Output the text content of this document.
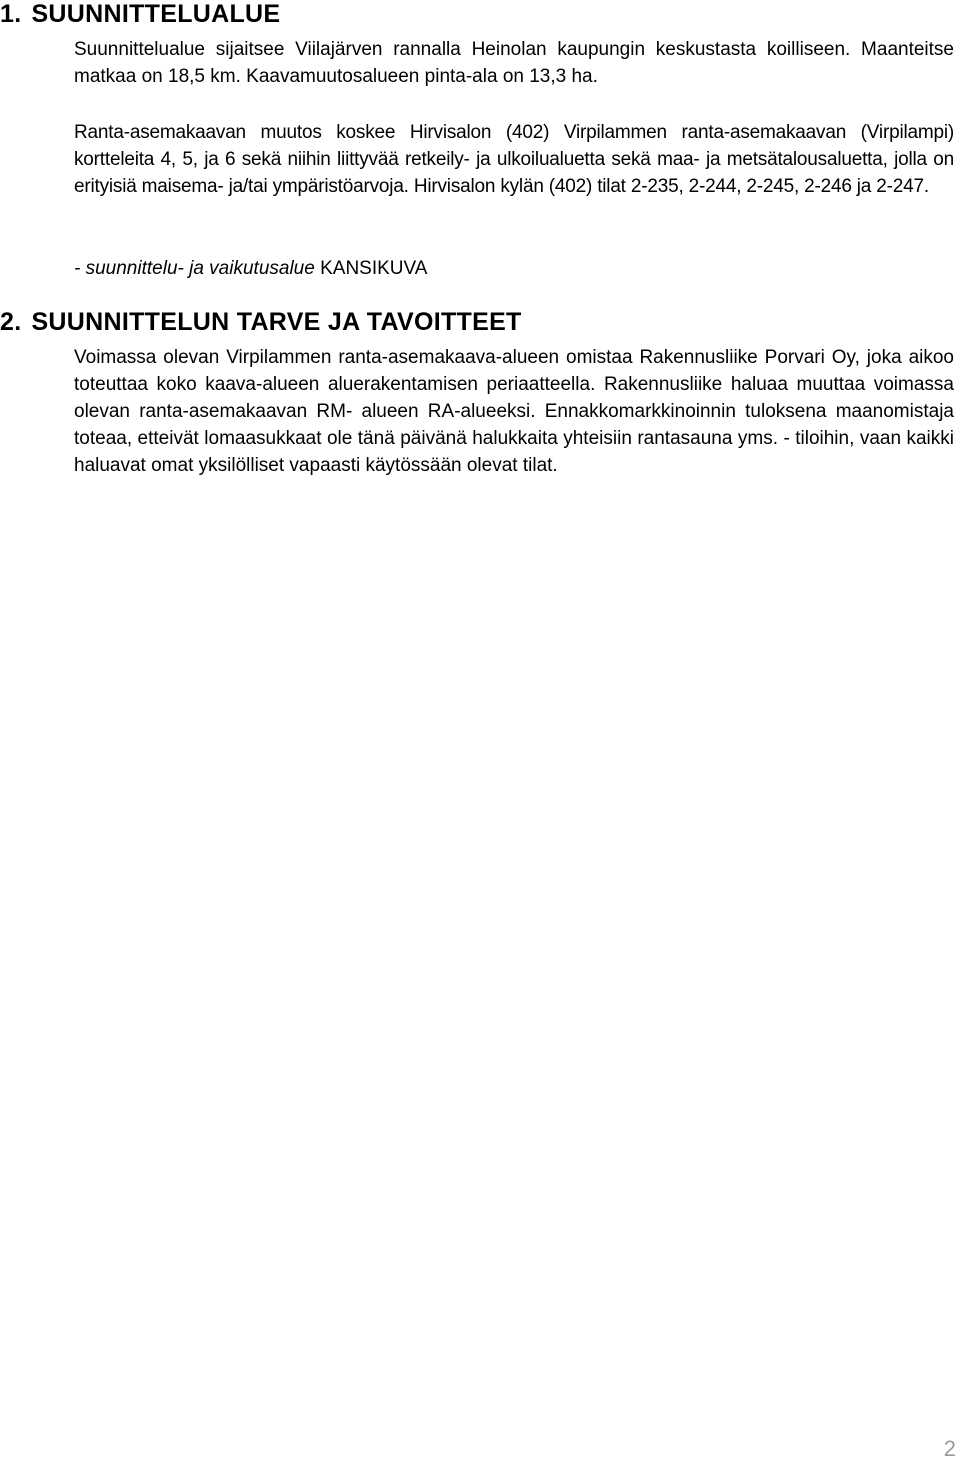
1. SUUNNITTELUALUE

Suunnittelualue sijaitsee Viilajärven rannalla Heinolan kaupungin keskustasta koilliseen. Maanteitse matkaa on 18,5 km. Kaavamuutosalueen pinta-ala on 13,3 ha.

Ranta-asemakaavan muutos koskee Hirvisalon (402) Virpilammen ranta-asemakaavan (Virpilampi) kortteleita 4, 5, ja 6 sekä niihin liittyvää retkeily- ja ulkoilualuetta sekä maa- ja metsätalousaluetta, jolla on erityisiä maisema- ja/tai ympäristöarvoja. Hirvisalon kylän (402) tilat 2-235, 2-244, 2-245, 2-246 ja 2-247.

- suunnittelu- ja vaikutusalue KANSIKUVA

2. SUUNNITTELUN TARVE JA TAVOITTEET

Voimassa olevan Virpilammen ranta-asemakaava-alueen omistaa Rakennusliike Porvari Oy, joka aikoo toteuttaa koko kaava-alueen aluerakentamisen periaatteella. Rakennusliike haluaa muuttaa voimassa olevan ranta-asemakaavan RM- alueen RA-alueeksi. Ennakkomarkkinoinnin tuloksena maanomistaja toteaa, etteivät lomaasukkaat ole tänä päivänä halukkaita yhteisiin rantasauna yms. - tiloihin, vaan kaikki haluavat omat yksilölliset vapaasti käytössään olevat tilat.

2
